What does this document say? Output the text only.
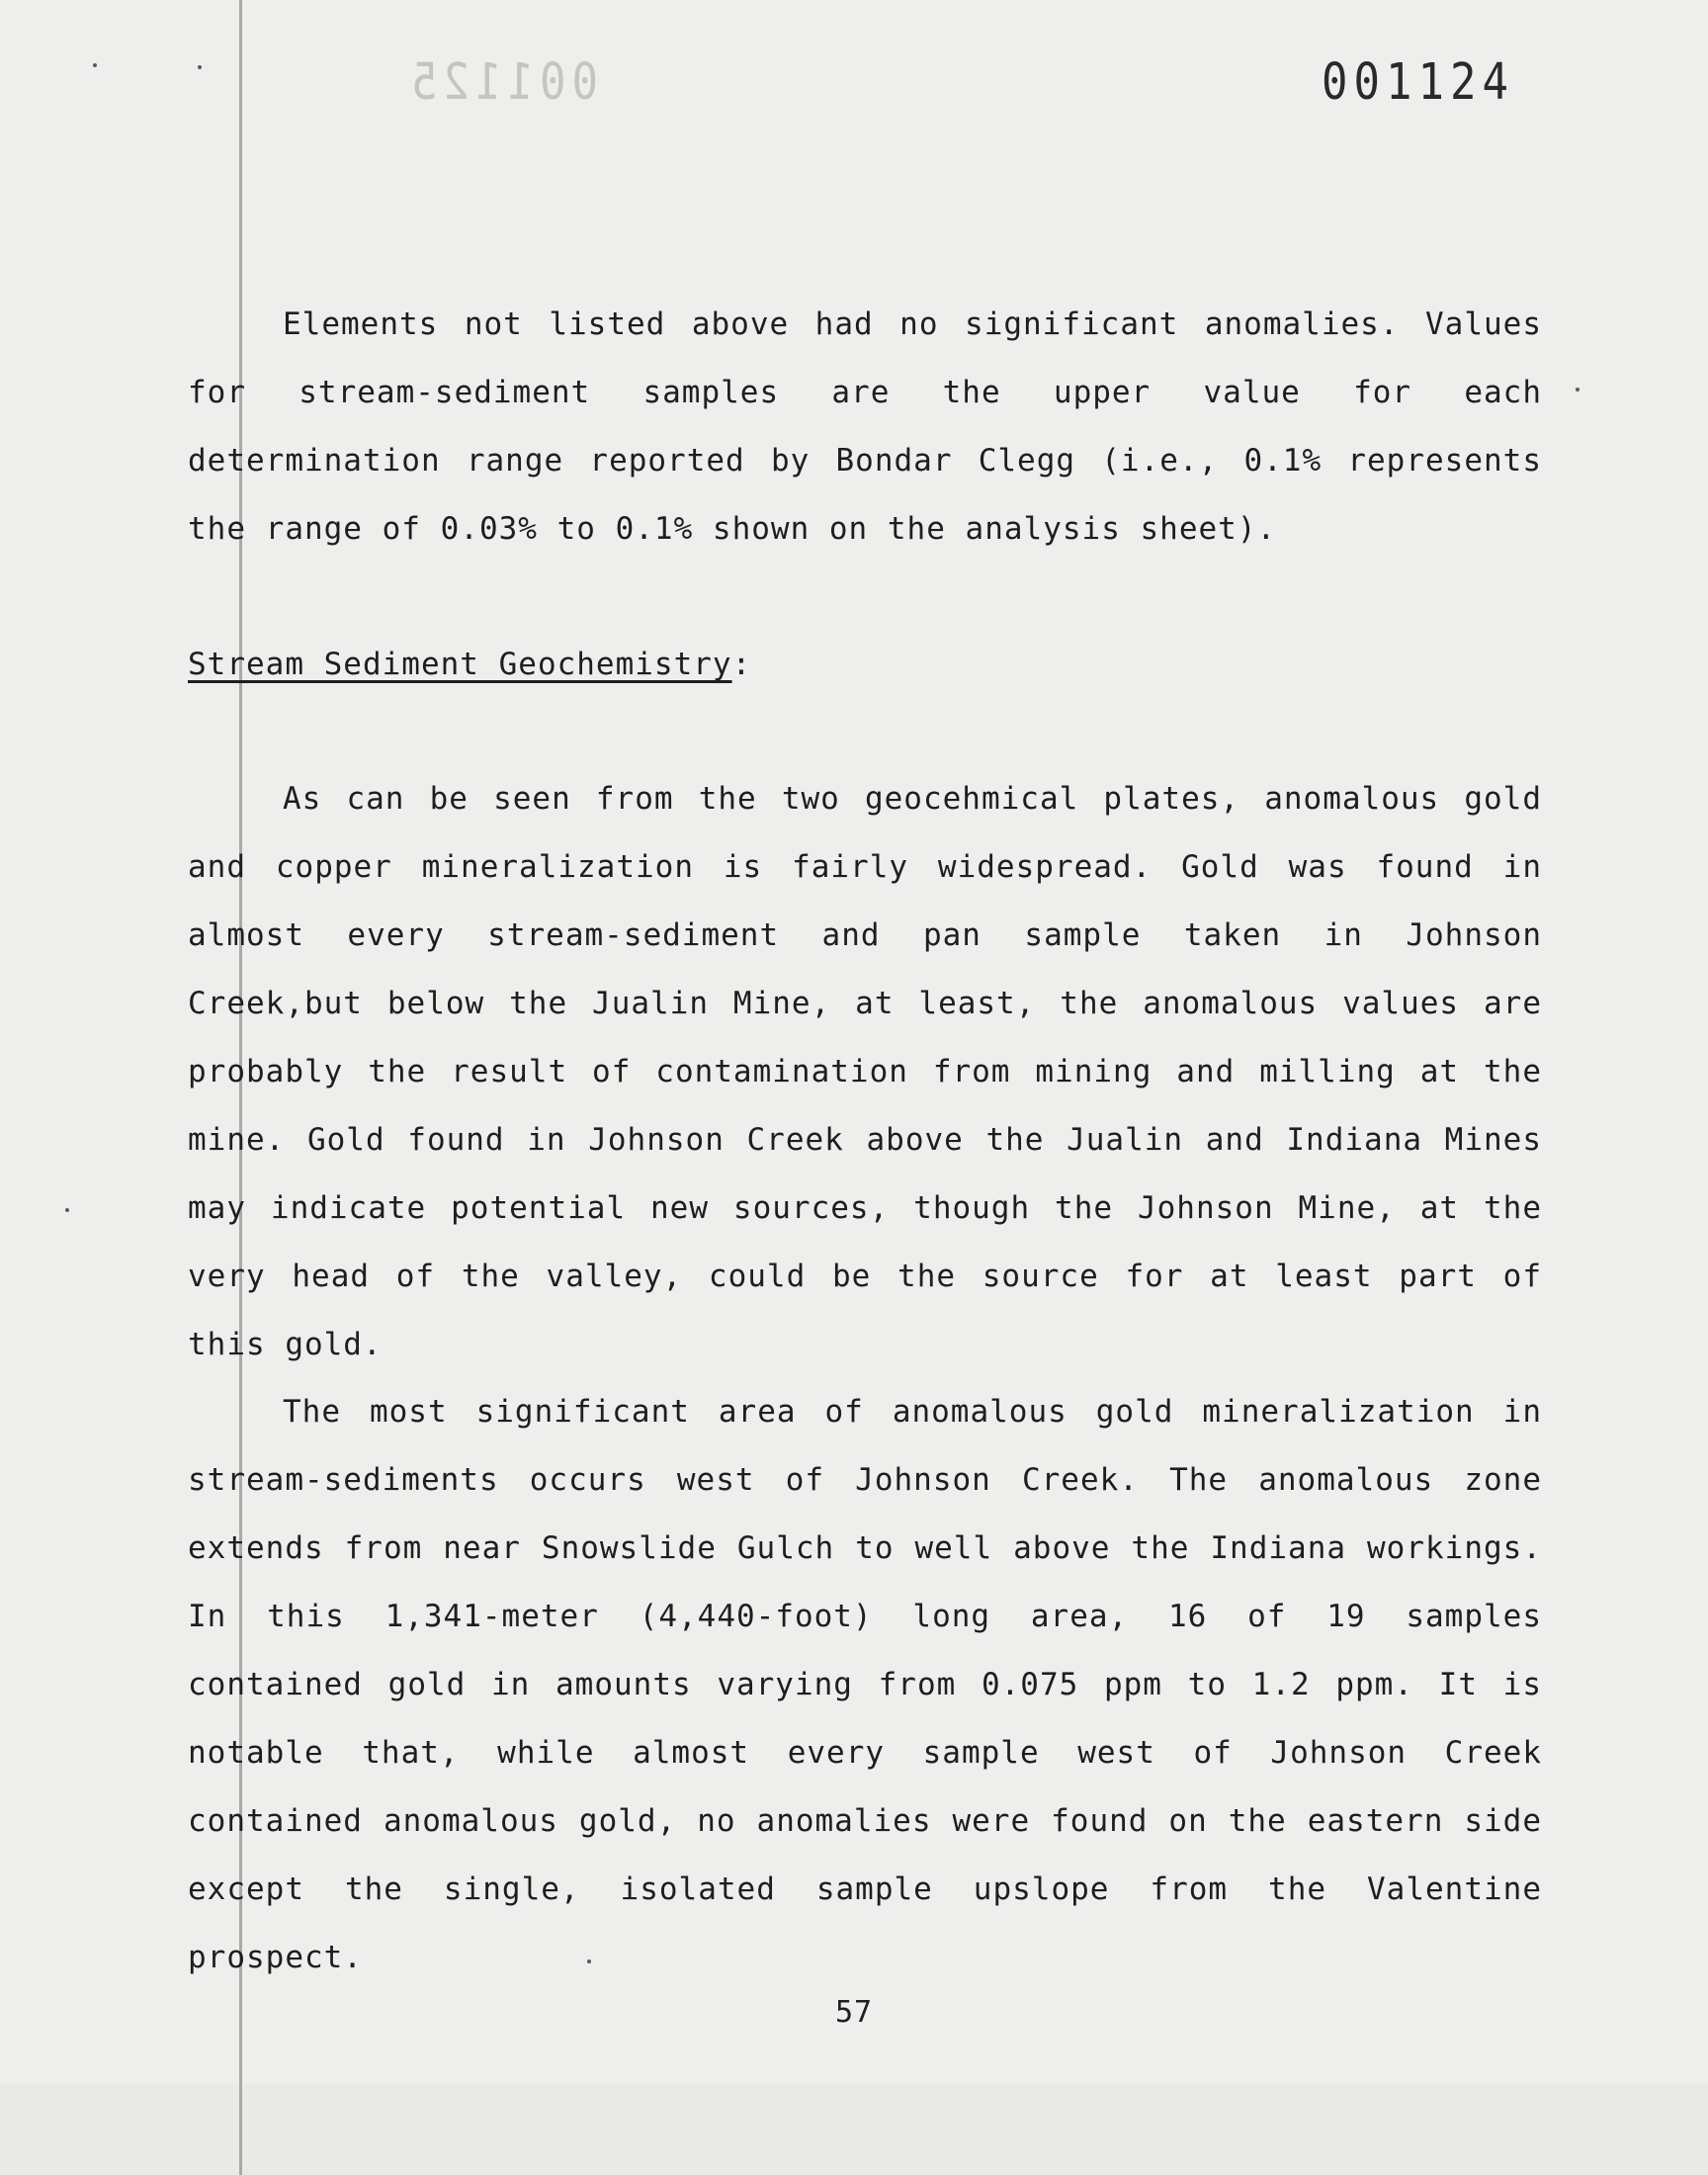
001125	001124

Elements not listed above had no significant anomalies. Values for stream-sediment samples are the upper value for each determination range reported by Bondar Clegg (i.e., 0.1% represents the range of 0.03% to 0.1% shown on the analysis sheet).

Stream Sediment Geochemistry:

As can be seen from the two geocehmical plates, anomalous gold and copper mineralization is fairly widespread. Gold was found in almost every stream-sediment and pan sample taken in Johnson Creek,but below the Jualin Mine, at least, the anomalous values are probably the result of contamination from mining and milling at the mine. Gold found in Johnson Creek above the Jualin and Indiana Mines may indicate potential new sources, though the Johnson Mine, at the very head of the valley, could be the source for at least part of this gold.

The most significant area of anomalous gold mineralization in stream-sediments occurs west of Johnson Creek. The anomalous zone extends from near Snowslide Gulch to well above the Indiana workings. In this 1,341-meter (4,440-foot) long area, 16 of 19 samples contained gold in amounts varying from 0.075 ppm to 1.2 ppm. It is notable that, while almost every sample west of Johnson Creek contained anomalous gold, no anomalies were found on the eastern side except the single, isolated sample upslope from the Valentine prospect.

57
